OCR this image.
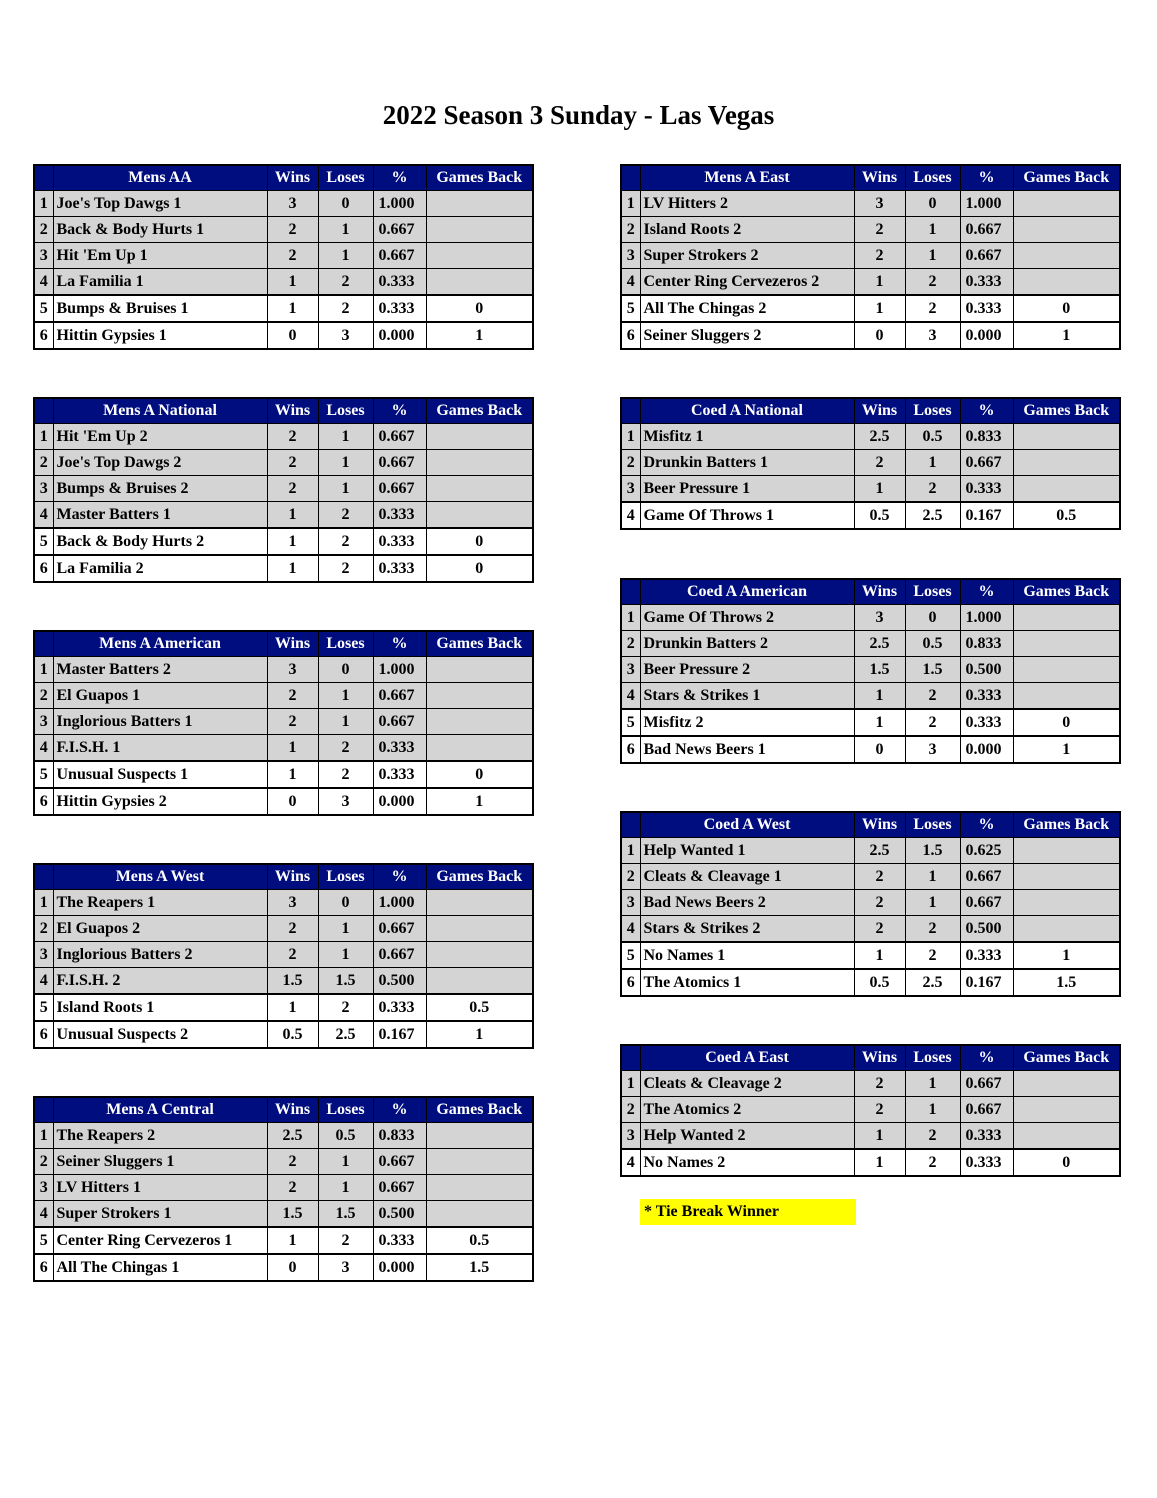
2022 Season 3 Sunday - Las Vegas
	Mens AA	Wins	Loses	%	Games Back
1	Joe's Top Dawgs 1	3	0	1.000	
2	Back & Body Hurts 1	2	1	0.667	
3	Hit 'Em Up 1	2	1	0.667	
4	La Familia 1	1	2	0.333	
5	Bumps & Bruises 1	1	2	0.333	0
6	Hittin Gypsies 1	0	3	0.000	1
	Mens A National	Wins	Loses	%	Games Back
1	Hit 'Em Up 2	2	1	0.667	
2	Joe's Top Dawgs 2	2	1	0.667	
3	Bumps & Bruises 2	2	1	0.667	
4	Master Batters 1	1	2	0.333	
5	Back & Body Hurts 2	1	2	0.333	0
6	La Familia 2	1	2	0.333	0
	Mens A American	Wins	Loses	%	Games Back
1	Master Batters 2	3	0	1.000	
2	El Guapos 1	2	1	0.667	
3	Inglorious Batters 1	2	1	0.667	
4	F.I.S.H. 1	1	2	0.333	
5	Unusual Suspects 1	1	2	0.333	0
6	Hittin Gypsies 2	0	3	0.000	1
	Mens A West	Wins	Loses	%	Games Back
1	The Reapers 1	3	0	1.000	
2	El Guapos 2	2	1	0.667	
3	Inglorious Batters 2	2	1	0.667	
4	F.I.S.H. 2	1.5	1.5	0.500	
5	Island Roots 1	1	2	0.333	0.5
6	Unusual Suspects 2	0.5	2.5	0.167	1
	Mens A Central	Wins	Loses	%	Games Back
1	The Reapers 2	2.5	0.5	0.833	
2	Seiner Sluggers 1	2	1	0.667	
3	LV Hitters 1	2	1	0.667	
4	Super Strokers 1	1.5	1.5	0.500	
5	Center Ring Cervezeros 1	1	2	0.333	0.5
6	All The Chingas 1	0	3	0.000	1.5
	Mens A East	Wins	Loses	%	Games Back
1	LV Hitters 2	3	0	1.000	
2	Island Roots 2	2	1	0.667	
3	Super Strokers 2	2	1	0.667	
4	Center Ring Cervezeros 2	1	2	0.333	
5	All The Chingas 2	1	2	0.333	0
6	Seiner Sluggers 2	0	3	0.000	1
	Coed A National	Wins	Loses	%	Games Back
1	Misfitz 1	2.5	0.5	0.833	
2	Drunkin Batters 1	2	1	0.667	
3	Beer Pressure 1	1	2	0.333	
4	Game Of Throws 1	0.5	2.5	0.167	0.5
	Coed A American	Wins	Loses	%	Games Back
1	Game Of Throws 2	3	0	1.000	
2	Drunkin Batters 2	2.5	0.5	0.833	
3	Beer Pressure 2	1.5	1.5	0.500	
4	Stars & Strikes 1	1	2	0.333	
5	Misfitz 2	1	2	0.333	0
6	Bad News Beers 1	0	3	0.000	1
	Coed A West	Wins	Loses	%	Games Back
1	Help Wanted 1	2.5	1.5	0.625	
2	Cleats & Cleavage 1	2	1	0.667	
3	Bad News Beers 2	2	1	0.667	
4	Stars & Strikes 2	2	2	0.500	
5	No Names 1	1	2	0.333	1
6	The Atomics 1	0.5	2.5	0.167	1.5
	Coed A East	Wins	Loses	%	Games Back
1	Cleats & Cleavage 2	2	1	0.667	
2	The Atomics 2	2	1	0.667	
3	Help Wanted 2	1	2	0.333	
4	No Names 2	1	2	0.333	0
* Tie Break Winner
